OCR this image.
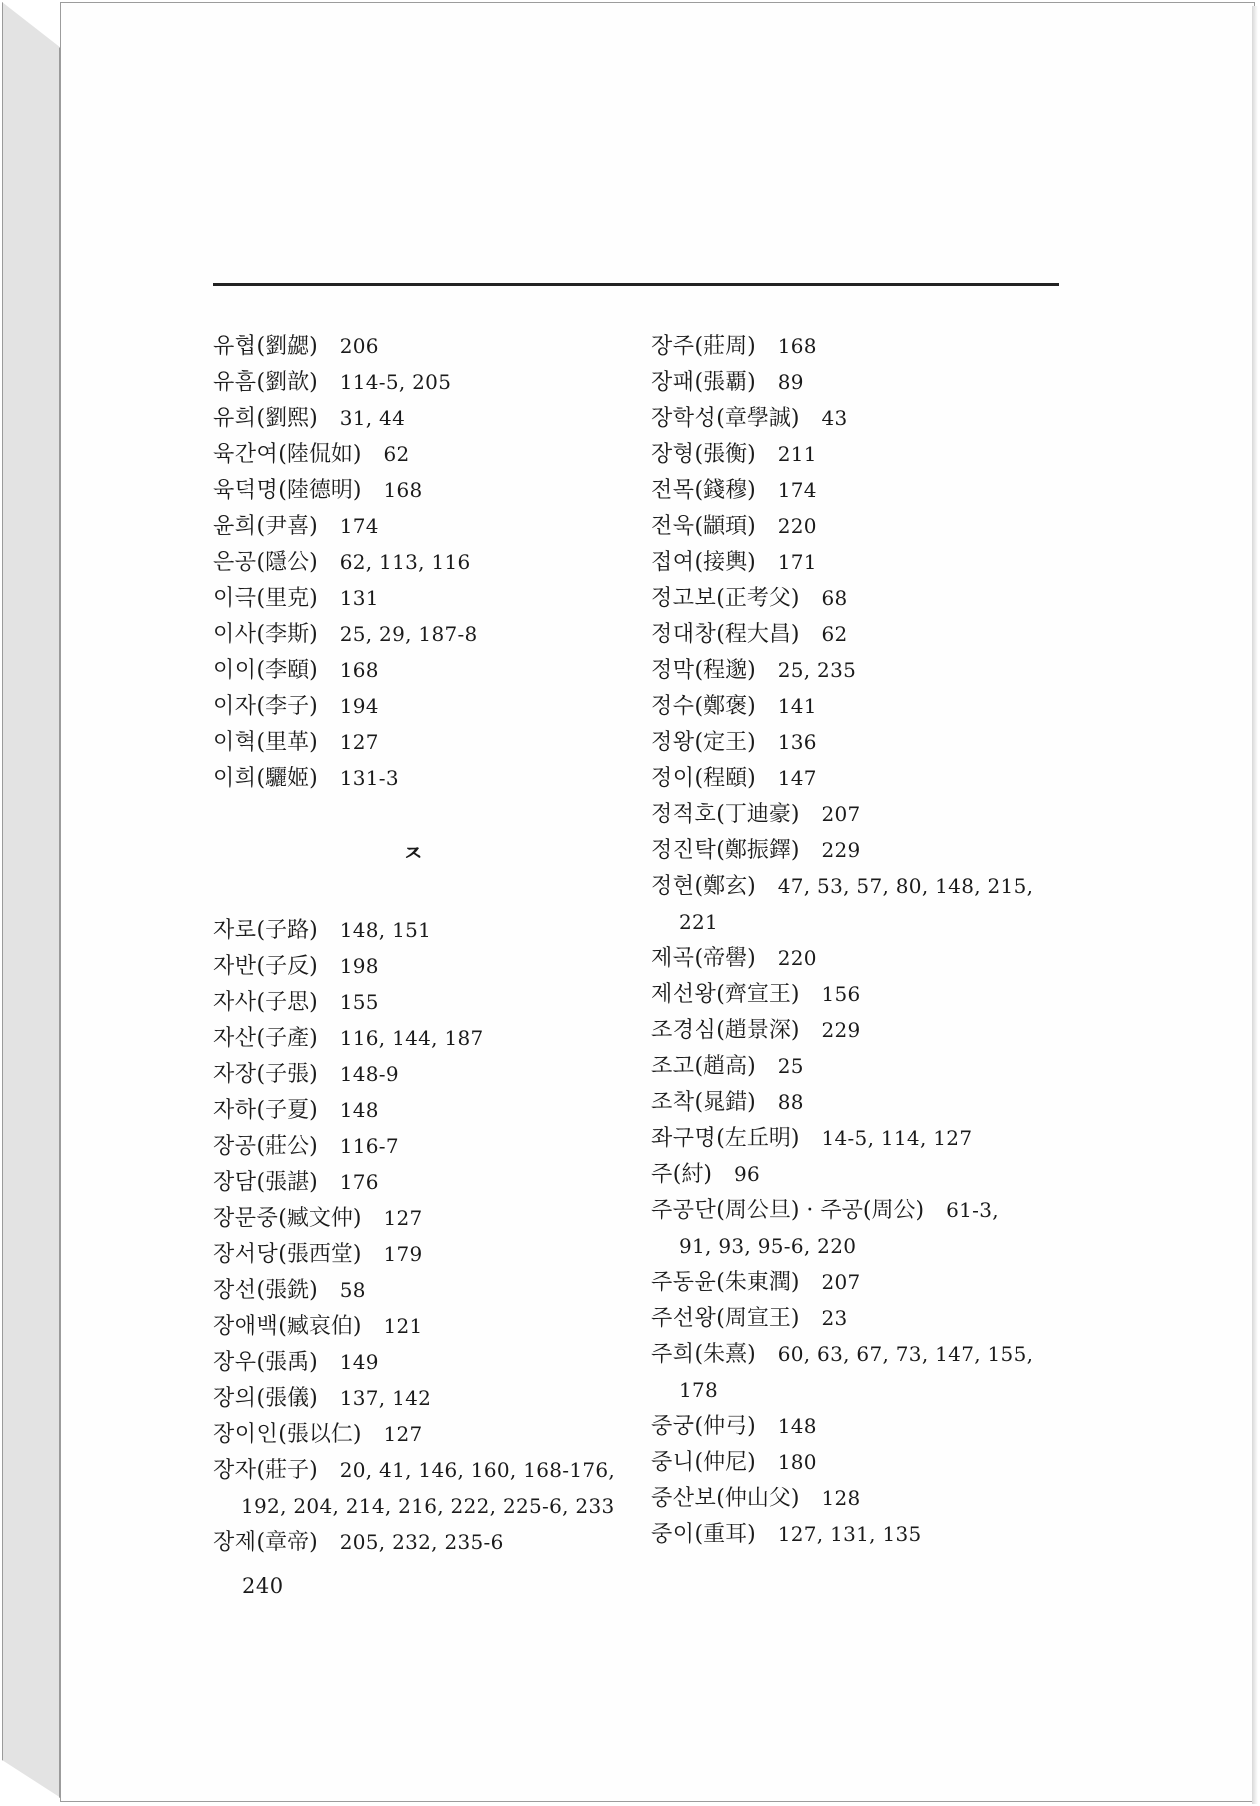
유협(劉勰) 206
유흠(劉歆) 114-5, 205
유희(劉熙) 31, 44
육간여(陸侃如) 62
육덕명(陸德明) 168
윤희(尹喜) 174
은공(隱公) 62, 113, 116
이극(里克) 131
이사(李斯) 25, 29, 187-8
이이(李頤) 168
이자(李子) 194
이혁(里革) 127
이희(驪姬) 131-3
ㅈ
자로(子路) 148, 151
자반(子反) 198
자사(子思) 155
자산(子產) 116, 144, 187
자장(子張) 148-9
자하(子夏) 148
장공(莊公) 116-7
장담(張諶) 176
장문중(臧文仲) 127
장서당(張西堂) 179
장선(張銑) 58
장애백(臧哀伯) 121
장우(張禹) 149
장의(張儀) 137, 142
장이인(張以仁) 127
장자(莊子) 20, 41, 146, 160, 168-176,
192, 204, 214, 216, 222, 225-6, 233
장제(章帝) 205, 232, 235-6
장주(莊周) 168
장패(張覇) 89
장학성(章學誠) 43
장형(張衡) 211
전목(錢穆) 174
전욱(顓頊) 220
접여(接輿) 171
정고보(正考父) 68
정대창(程大昌) 62
정막(程邈) 25, 235
정수(鄭褒) 141
정왕(定王) 136
정이(程頤) 147
정적호(丁迪豪) 207
정진탁(鄭振鐸) 229
정현(鄭玄) 47, 53, 57, 80, 148, 215,
221
제곡(帝嚳) 220
제선왕(齊宣王) 156
조경심(趙景深) 229
조고(趙高) 25
조착(晁錯) 88
좌구명(左丘明) 14-5, 114, 127
주(紂) 96
주공단(周公旦) · 주공(周公) 61-3,
91, 93, 95-6, 220
주동윤(朱東潤) 207
주선왕(周宣王) 23
주희(朱熹) 60, 63, 67, 73, 147, 155,
178
중궁(仲弓) 148
중니(仲尼) 180
중산보(仲山父) 128
중이(重耳) 127, 131, 135
240
